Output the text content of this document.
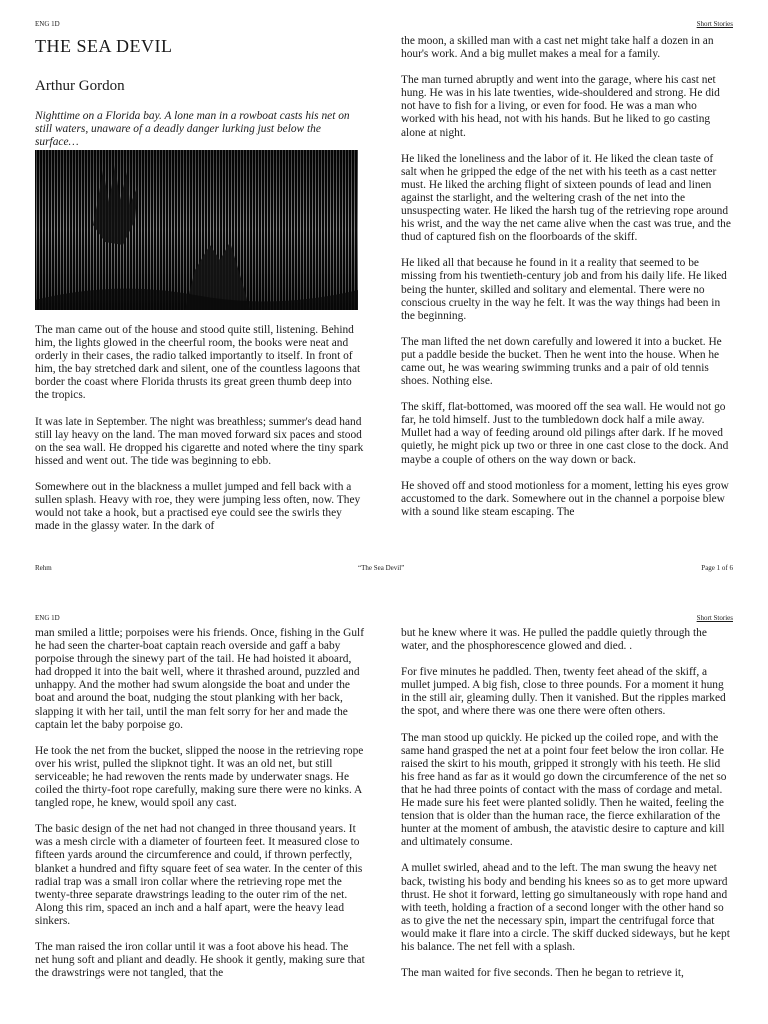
ENG 1D	Short Stories
THE SEA DEVIL
Arthur Gordon
Nighttime on a Florida bay. A lone man in a rowboat casts his net on still waters, unaware of a deadly danger lurking just below the surface…

The man came out of the house and stood quite still, listening. Behind him, the lights glowed in the cheerful room, the books were neat and orderly in their cases, the radio talked importantly to itself. In front of him, the bay stretched dark and silent, one of the countless lagoons that border the coast where Florida thrusts its great green thumb deep into the tropics.

It was late in September. The night was breathless; summer's dead hand still lay heavy on the land. The man moved forward six paces and stood on the sea wall. He dropped his cigarette and noted where the tiny spark hissed and went out. The tide was beginning to ebb.

Somewhere out in the blackness a mullet jumped and fell back with a sullen splash. Heavy with roe, they were jumping less often, now. They would not take a hook, but a practised eye could see the swirls they made in the glassy water. In the dark of

the moon, a skilled man with a cast net might take half a dozen in an hour's work. And a big mullet makes a meal for a family.

The man turned abruptly and went into the garage, where his cast net hung. He was in his late twenties, wide-shouldered and strong. He did not have to fish for a living, or even for food. He was a man who worked with his head, not with his hands. But he liked to go casting alone at night.

He liked the loneliness and the labor of it. He liked the clean taste of salt when he gripped the edge of the net with his teeth as a cast netter must. He liked the arching flight of sixteen pounds of lead and linen against the starlight, and the weltering crash of the net into the unsuspecting water. He liked the harsh tug of the retrieving rope around his wrist, and the way the net came alive when the cast was true, and the thud of captured fish on the floorboards of the skiff.

He liked all that because he found in it a reality that seemed to be missing from his twentieth-century job and from his daily life. He liked being the hunter, skilled and solitary and elemental. There were no conscious cruelty in the way he felt. It was the way things had been in the beginning.

The man lifted the net down carefully and lowered it into a bucket. He put a paddle beside the bucket. Then he went into the house. When he came out, he was wearing swimming trunks and a pair of old tennis shoes. Nothing else.

The skiff, flat-bottomed, was moored off the sea wall. He would not go far, he told himself. Just to the tumbledown dock half a mile away. Mullet had a way of feeding around old pilings after dark. If he moved quietly, he might pick up two or three in one cast close to the dock. And maybe a couple of others on the way down or back.

He shoved off and stood motionless for a moment, letting his eyes grow accustomed to the dark. Somewhere out in the channel a porpoise blew with a sound like steam escaping. The

Rehm	“The Sea Devil”	Page 1 of 6
ENG 1D	Short Stories

man smiled a little; porpoises were his friends. Once, fishing in the Gulf he had seen the charter-boat captain reach overside and gaff a baby porpoise through the sinewy part of the tail. He had hoisted it aboard, had dropped it into the bait well, where it thrashed around, puzzled and unhappy. And the mother had swum alongside the boat and under the boat and around the boat, nudging the stout planking with her back, slapping it with her tail, until the man felt sorry for her and made the captain let the baby porpoise go.

He took the net from the bucket, slipped the noose in the retrieving rope over his wrist, pulled the slipknot tight. It was an old net, but still serviceable; he had rewoven the rents made by underwater snags. He coiled the thirty-foot rope carefully, making sure there were no kinks. A tangled rope, he knew, would spoil any cast.

The basic design of the net had not changed in three thousand years. It was a mesh circle with a diameter of fourteen feet. It measured close to fifteen yards around the circumference and could, if thrown perfectly, blanket a hundred and fifty square feet of sea water. In the center of this radial trap was a small iron collar where the retrieving rope met the twenty-three separate drawstrings leading to the outer rim of the net. Along this rim, spaced an inch and a half apart, were the heavy lead sinkers.

The man raised the iron collar until it was a foot above his head. The net hung soft and pliant and deadly. He shook it gently, making sure that the drawstrings were not tangled, that the

but he knew where it was. He pulled the paddle quietly through the water, and the phosphorescence glowed and died. .

For five minutes he paddled. Then, twenty feet ahead of the skiff, a mullet jumped. A big fish, close to three pounds. For a moment it hung in the still air, gleaming dully. Then it vanished. But the ripples marked the spot, and where there was one there were often others.

The man stood up quickly. He picked up the coiled rope, and with the same hand grasped the net at a point four feet below the iron collar. He raised the skirt to his mouth, gripped it strongly with his teeth. He slid his free hand as far as it would go down the circumference of the net so that he had three points of contact with the mass of cordage and metal. He made sure his feet were planted solidly. Then he waited, feeling the tension that is older than the human race, the fierce exhilaration of the hunter at the moment of ambush, the atavistic desire to capture and kill and ultimately consume.

A mullet swirled, ahead and to the left. The man swung the heavy net back, twisting his body and bending his knees so as to get more upward thrust. He shot it forward, letting go simultaneously with rope hand and with teeth, holding a fraction of a second longer with the other hand so as to give the net the necessary spin, impart the centrifugal force that would make it flare into a circle. The skiff ducked sideways, but he kept his balance. The net fell with a splash.

The man waited for five seconds. Then he began to retrieve it,
